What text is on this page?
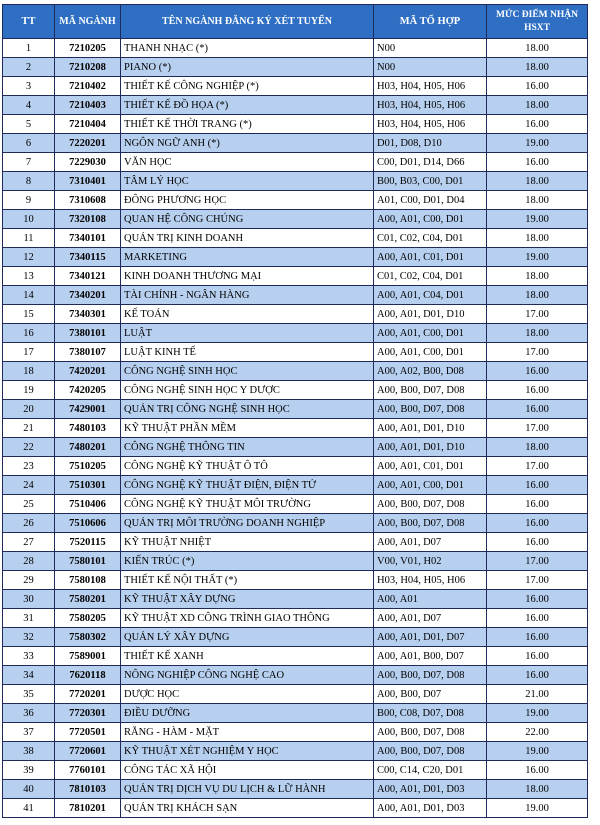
TT	MÃ NGÀNH	TÊN NGÀNH ĐĂNG KÝ XÉT TUYỂN	MÃ TỔ HỢP	MỨC ĐIỂM NHẬN
HSXT
1	7210205	THANH NHẠC (*)	N00	18.00
2	7210208	PIANO (*)	N00	18.00
3	7210402	THIẾT KẾ CÔNG NGHIỆP (*)	H03, H04, H05, H06	16.00
4	7210403	THIẾT KẾ ĐỒ HỌA (*)	H03, H04, H05, H06	18.00
5	7210404	THIẾT KẾ THỜI TRANG (*)	H03, H04, H05, H06	16.00
6	7220201	NGÔN NGỮ ANH (*)	D01, D08, D10	19.00
7	7229030	VĂN HỌC	C00, D01, D14, D66	16.00
8	7310401	TÂM LÝ HỌC	B00, B03, C00, D01	18.00
9	7310608	ĐÔNG PHƯƠNG HỌC	A01, C00, D01, D04	18.00
10	7320108	QUAN HỆ CÔNG CHÚNG	A00, A01, C00, D01	19.00
11	7340101	QUẢN TRỊ KINH DOANH	C01, C02, C04, D01	18.00
12	7340115	MARKETING	A00, A01, C01, D01	19.00
13	7340121	KINH DOANH THƯƠNG MẠI	C01, C02, C04, D01	18.00
14	7340201	TÀI CHÍNH - NGÂN HÀNG	A00, A01, C04, D01	18.00
15	7340301	KẾ TOÁN	A00, A01, D01, D10	17.00
16	7380101	LUẬT	A00, A01, C00, D01	18.00
17	7380107	LUẬT KINH TẾ	A00, A01, C00, D01	17.00
18	7420201	CÔNG NGHỆ SINH HỌC	A00, A02, B00, D08	16.00
19	7420205	CÔNG NGHỆ SINH HỌC Y DƯỢC	A00, B00, D07, D08	16.00
20	7429001	QUẢN TRỊ CÔNG NGHỆ SINH HỌC	A00, B00, D07, D08	16.00
21	7480103	KỸ THUẬT PHẦN MỀM	A00, A01, D01, D10	17.00
22	7480201	CÔNG NGHỆ THÔNG TIN	A00, A01, D01, D10	18.00
23	7510205	CÔNG NGHỆ KỸ THUẬT Ô TÔ	A00, A01, C01, D01	17.00
24	7510301	CÔNG NGHỆ KỸ THUẬT ĐIỆN, ĐIỆN TỬ	A00, A01, C00, D01	16.00
25	7510406	CÔNG NGHỆ KỸ THUẬT MÔI TRƯỜNG	A00, B00, D07, D08	16.00
26	7510606	QUẢN TRỊ MÔI TRƯỜNG DOANH NGHIỆP	A00, B00, D07, D08	16.00
27	7520115	KỸ THUẬT NHIỆT	A00, A01, D07	16.00
28	7580101	KIẾN TRÚC (*)	V00, V01, H02	17.00
29	7580108	THIẾT KẾ NỘI THẤT (*)	H03, H04, H05, H06	17.00
30	7580201	KỸ THUẬT XÂY DỰNG	A00, A01	16.00
31	7580205	KỸ THUẬT XD CÔNG TRÌNH GIAO THÔNG	A00, A01, D07	16.00
32	7580302	QUẢN LÝ XÂY DỰNG	A00, A01, D01, D07	16.00
33	7589001	THIẾT KẾ XANH	A00, A01, B00, D07	16.00
34	7620118	NÔNG NGHIỆP CÔNG NGHỆ CAO	A00, B00, D07, D08	16.00
35	7720201	DƯỢC HỌC	A00, B00, D07	21.00
36	7720301	ĐIỀU DƯỠNG	B00, C08, D07, D08	19.00
37	7720501	RĂNG - HÀM - MẶT	A00, B00, D07, D08	22.00
38	7720601	KỸ THUẬT XÉT NGHIỆM Y HỌC	A00, B00, D07, D08	19.00
39	7760101	CÔNG TÁC XÃ HỘI	C00, C14, C20, D01	16.00
40	7810103	QUẢN TRỊ DỊCH VỤ DU LỊCH & LỮ HÀNH	A00, A01, D01, D03	18.00
41	7810201	QUẢN TRỊ KHÁCH SẠN	A00, A01, D01, D03	19.00
